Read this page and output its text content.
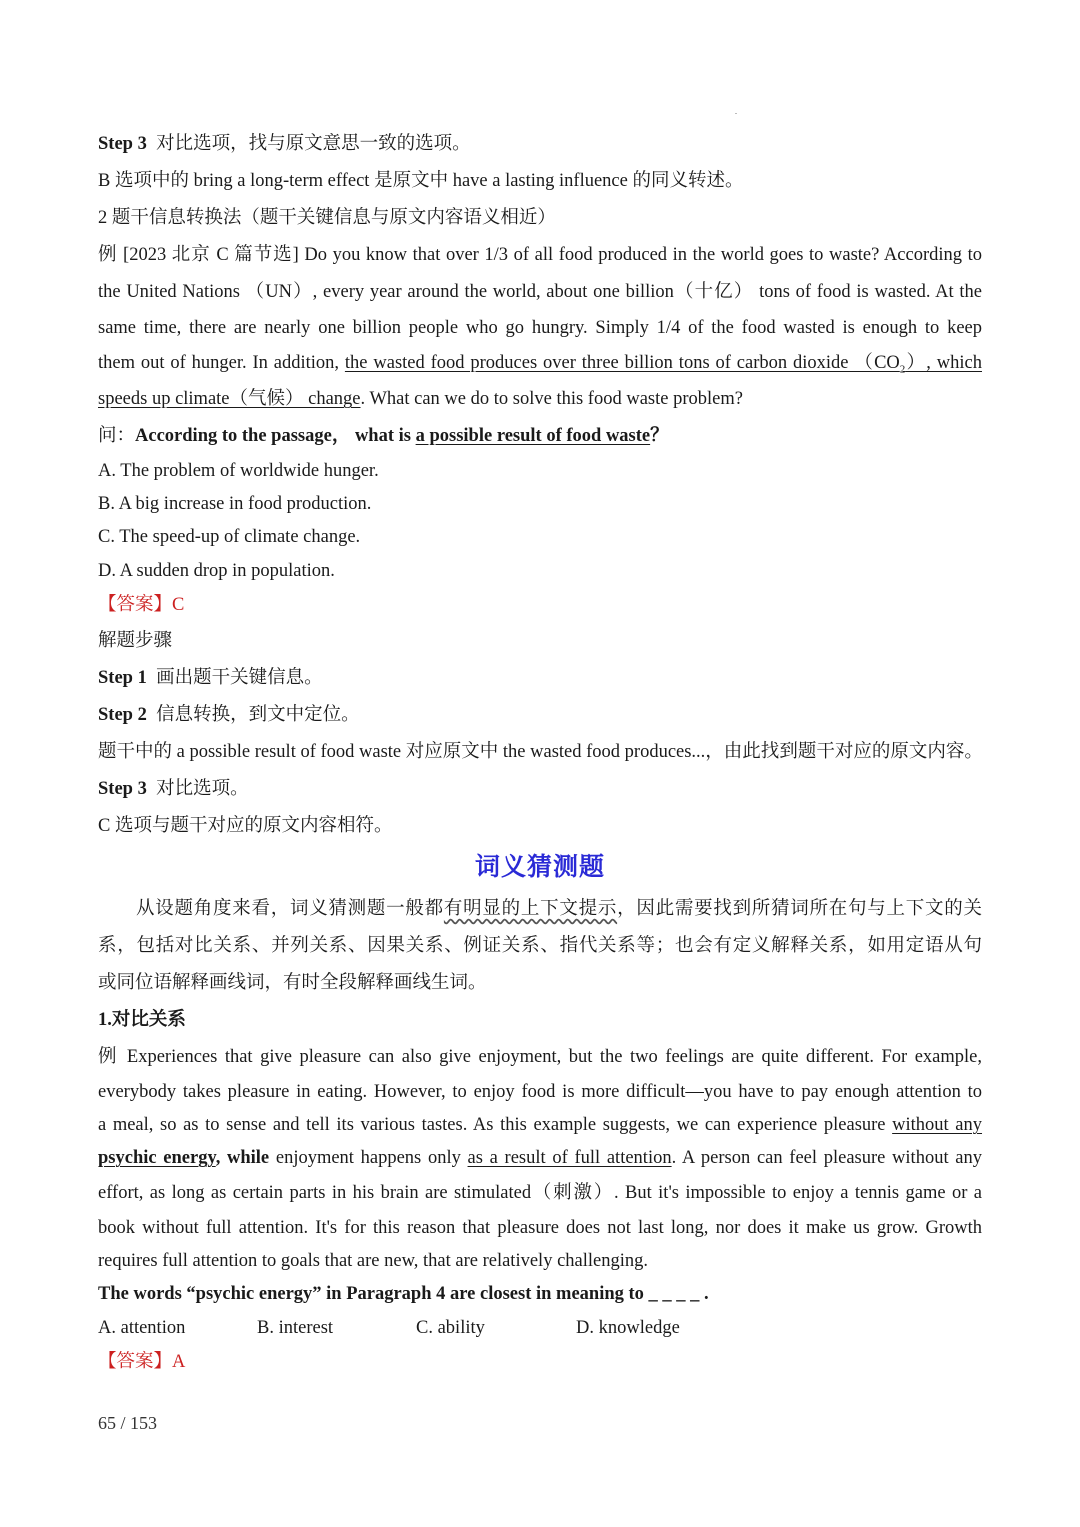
Step 3 对比选项，找与原文意思一致的选项。

B 选项中的 bring a long-term effect 是原文中 have a lasting influence 的同义转述。

2 题干信息转换法（题干关键信息与原文内容语义相近）

例 [2023 北京 C 篇节选] Do you know that over 1/3 of all food produced in the world goes to waste? According to

the United Nations （UN）, every year around the world, about one billion（十亿） tons of food is wasted. At the

same time, there are nearly one billion people who go hungry. Simply 1/4 of the food wasted is enough to keep

them out of hunger. In addition, the wasted food produces over three billion tons of carbon dioxide $(CO_2)$, which

speeds up climate（气候） change. What can we do to solve this food waste problem?

问：According to the passage， what is a possible result of food waste？

A. The problem of worldwide hunger.

B. A big increase in food production.

C. The speed-up of climate change.

D. A sudden drop in population.

【答案】C

解题步骤

Step 1 画出题干关键信息。

Step 2 信息转换，到文中定位。

题干中的 a possible result of food waste 对应原文中 the wasted food produces...，由此找到题干对应的原文内容。

Step 3 对比选项。

C 选项与题干对应的原文内容相符。

词义猜测题

从设题角度来看，词义猜测题一般都有明显的上下文提示，因此需要找到所猜词所在句与上下文的关

系，包括对比关系、并列关系、因果关系、例证关系、指代关系等；也会有定义解释关系，如用定语从句

或同位语解释画线词，有时全段解释画线生词。

1.对比关系

例 Experiences that give pleasure can also give enjoyment, but the two feelings are quite different. For example,

everybody takes pleasure in eating. However, to enjoy food is more difficult—you have to pay enough attention to

a meal, so as to sense and tell its various tastes. As this example suggests, we can experience pleasure without any

psychic energy, while enjoyment happens only as a result of full attention. A person can feel pleasure without any

effort, as long as certain parts in his brain are stimulated（刺激）. But it's impossible to enjoy a tennis game or a

book without full attention. It's for this reason that pleasure does not last long, nor does it make us grow. Growth

requires full attention to goals that are new, that are relatively challenging.

The words “psychic energy” in Paragraph 4 are closest in meaning to _ _ _ _ .

A. attention	B. interest	C. ability	D. knowledge

【答案】A

65 / 153
